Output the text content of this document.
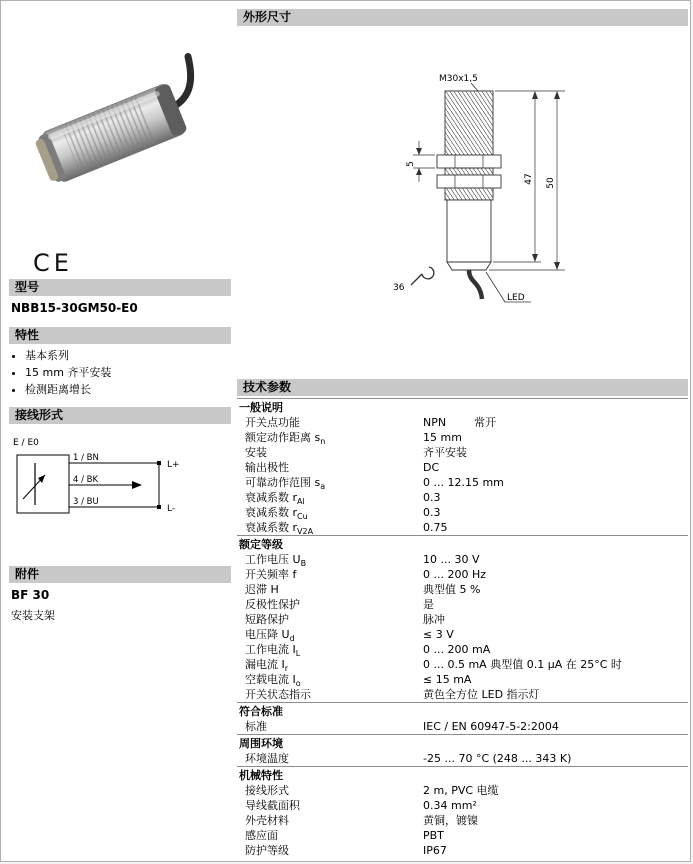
CE
型号
NBB15-30GM50-E0
特性
• 基本系列
• 15 mm 齐平安装
• 检测距离增长
接线形式
E / E0
1 / BN
4 / BK
3 / BU
L+
L-
附件
BF 30
安装支架
外形尺寸
M30x1,5
LED
47 50
5
36
技术参数
一般说明
开关点功能	NPN	常开
额定动作距离 $s_n$	15 mm
安装	齐平安装
输出极性	DC
可靠动作范围 $s_a$	0 ... 12.15 mm
衰减系数 $r_{Al}$	0.3
衰减系数 $r_{Cu}$	0.3
衰减系数 $r_{V2A}$	0.75
额定等级
工作电压 $U_B$	10 ... 30 V
开关频率 f	0 ... 200 Hz
迟滞 H	典型值 5 %
反极性保护	是
短路保护	脉冲
电压降 $U_d$	≤ 3 V
工作电流 $I_L$	0 ... 200 mA
漏电流 $I_r$	0 ... 0.5 mA 典型值 0.1 µA 在 25°C 时
空载电流 $I_o$	≤ 15 mA
开关状态指示	黄色全方位 LED 指示灯
符合标准
标准	IEC / EN 60947-5-2:2004
周围环境
环境温度	-25 ... 70 °C (248 ... 343 K)
机械特性
接线形式	2 m, PVC 电缆
导线截面积	0.34 mm²
外壳材料	黄铜，镀镍
感应面	PBT
防护等级	IP67
